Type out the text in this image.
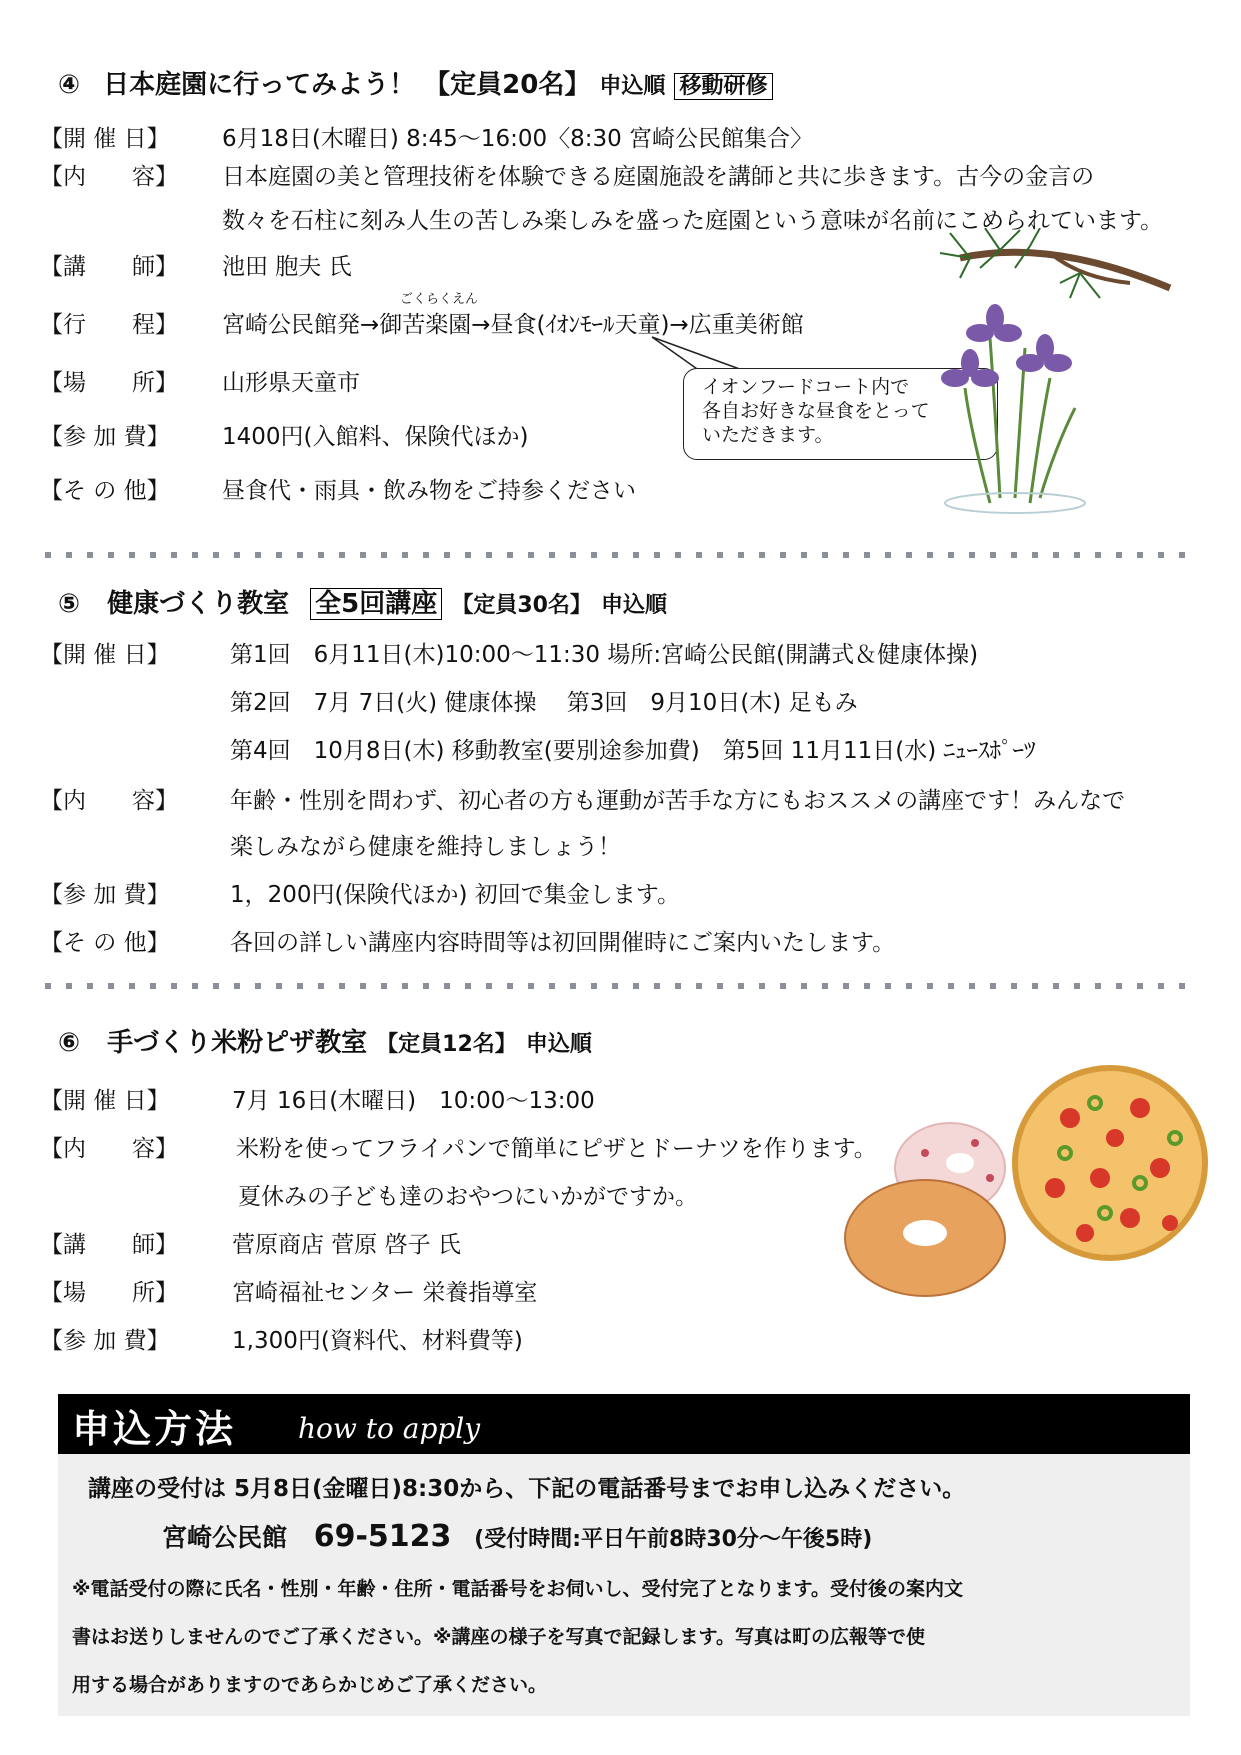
④ 日本庭園に行ってみよう！ 【定員20名】 申込順 移動研修
【開 催 日】 6月18日(木曜日) 8:45～16:00〈8:30 宮崎公民館集合〉
【内　　容】 日本庭園の美と管理技術を体験できる庭園施設を講師と共に歩きます。古今の金言の
数々を石柱に刻み人生の苦しみ楽しみを盛った庭園という意味が名前にこめられています。
【講　　師】 池田 胞夫 氏
ごくらくえん
【行　　程】 宮崎公民館発→御苦楽園→昼食(ｲｵﾝﾓｰﾙ天童)→広重美術館
【場　　所】 山形県天童市
【参 加 費】 1400円(入館料、保険代ほか)
【そ の 他】 昼食代・雨具・飲み物をご持参ください
イオンフードコート内で
各自お好きな昼食をとって
いただきます。
⑤ 健康づくり教室 全5回講座 【定員30名】 申込順
【開 催 日】	第1回　6月11日(木)10:00～11:30 場所:宮崎公民館(開講式＆健康体操)
第2回　7月 7日(火) 健康体操　 第3回　9月10日(木) 足もみ
第4回　10月8日(木) 移動教室(要別途参加費)　第5回 11月11日(水) ﾆｭｰｽﾎﾟｰﾂ
【内　　容】 年齢・性別を問わず、初心者の方も運動が苦手な方にもおススメの講座です！みんなで
楽しみながら健康を維持しましょう！
【参 加 費】	1，200円(保険代ほか) 初回で集金します。
【そ の 他】	各回の詳しい講座内容時間等は初回開催時にご案内いたします。
⑥ 手づくり米粉ピザ教室 【定員12名】 申込順
【開 催 日】	7月 16日(木曜日)　10:00～13:00
【内　　容】	米粉を使ってフライパンで簡単にピザとドーナツを作ります。
夏休みの子ども達のおやつにいかがですか。
【講　　師】 菅原商店 菅原 啓子 氏
【場　　所】 宮崎福祉センター 栄養指導室
【参 加 費】	1,300円(資料代、材料費等)
申込方法 how to apply
講座の受付は 5月8日(金曜日)8:30から、下記の電話番号までお申し込みください。
宮崎公民館 69-5123 (受付時間:平日午前8時30分～午後5時)
※電話受付の際に氏名・性別・年齢・住所・電話番号をお伺いし、受付完了となります。受付後の案内文
書はお送りしませんのでご了承ください。※講座の様子を写真で記録します。写真は町の広報等で使
用する場合がありますのであらかじめご了承ください。
